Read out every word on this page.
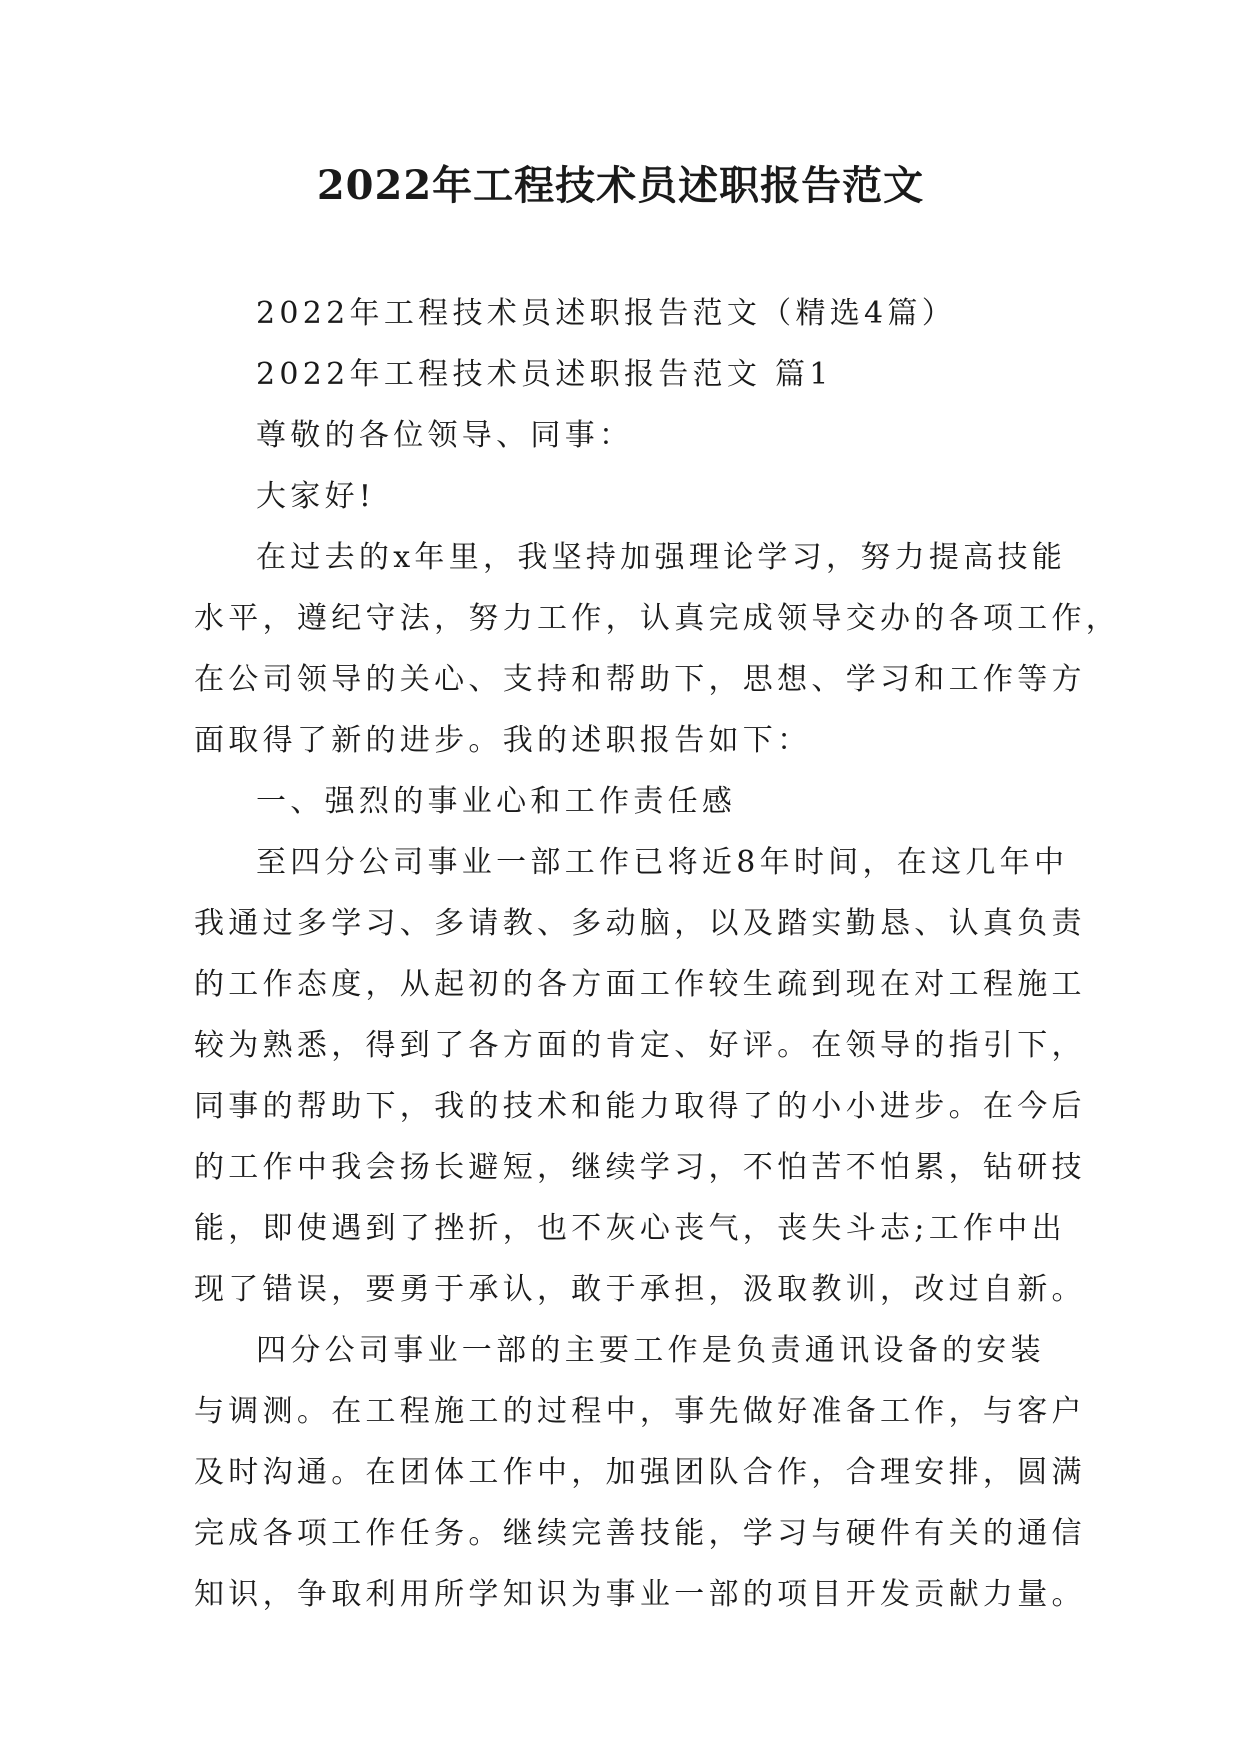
2022年工程技术员述职报告范文

2022年工程技术员述职报告范文（精选4篇）

2022年工程技术员述职报告范文 篇1

尊敬的各位领导、同事：

大家好!

在过去的x年里，我坚持加强理论学习，努力提高技能

水平，遵纪守法，努力工作，认真完成领导交办的各项工作，

在公司领导的关心、支持和帮助下，思想、学习和工作等方

面取得了新的进步。我的述职报告如下：

一、强烈的事业心和工作责任感

至四分公司事业一部工作已将近8年时间，在这几年中

我通过多学习、多请教、多动脑，以及踏实勤恳、认真负责

的工作态度，从起初的各方面工作较生疏到现在对工程施工

较为熟悉，得到了各方面的肯定、好评。在领导的指引下，

同事的帮助下，我的技术和能力取得了的小小进步。在今后

的工作中我会扬长避短，继续学习，不怕苦不怕累，钻研技

能，即使遇到了挫折，也不灰心丧气，丧失斗志;工作中出

现了错误，要勇于承认，敢于承担，汲取教训，改过自新。

四分公司事业一部的主要工作是负责通讯设备的安装

与调测。在工程施工的过程中，事先做好准备工作，与客户

及时沟通。在团体工作中，加强团队合作，合理安排，圆满

完成各项工作任务。继续完善技能，学习与硬件有关的通信

知识，争取利用所学知识为事业一部的项目开发贡献力量。
